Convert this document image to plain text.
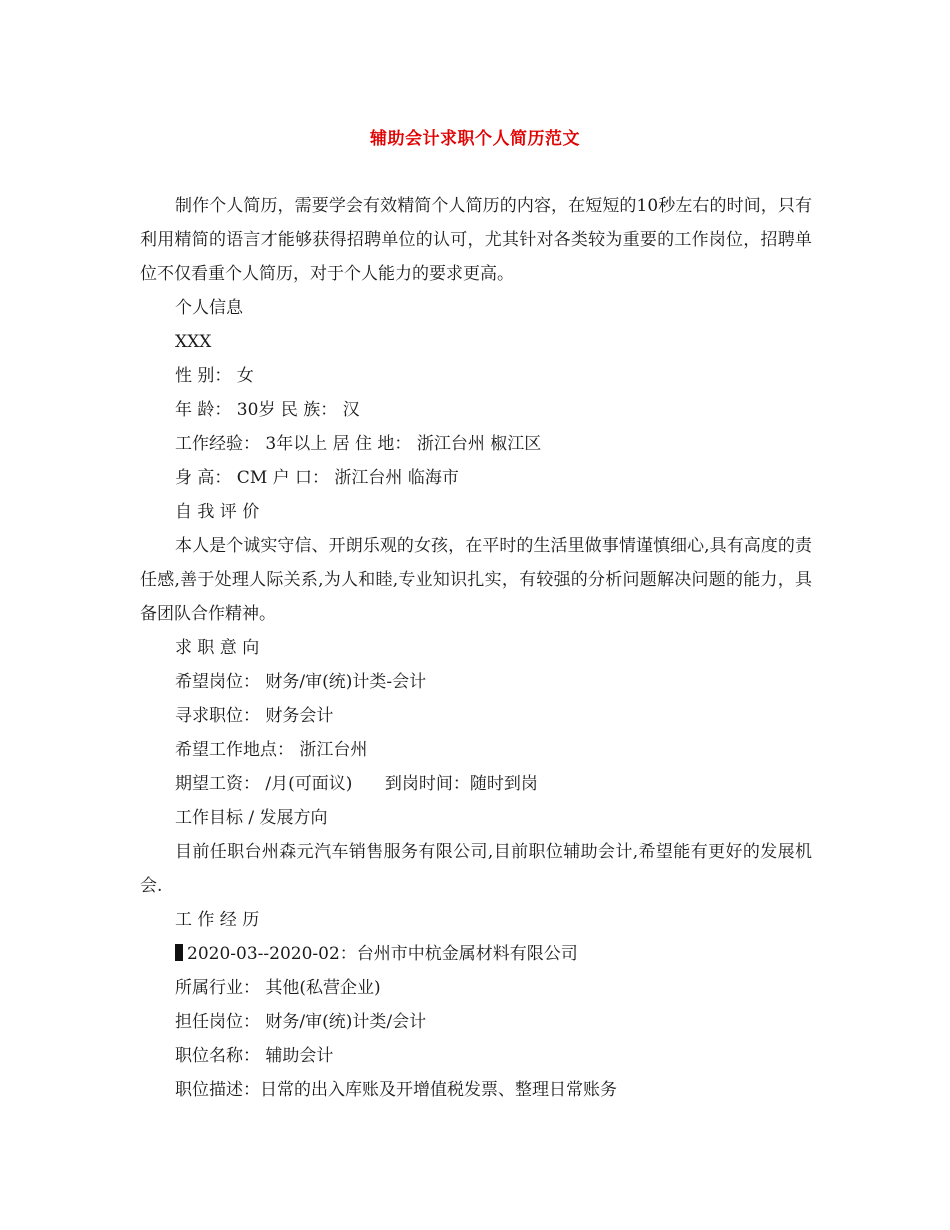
辅助会计求职个人简历范文

制作个人简历，需要学会有效精简个人简历的内容，在短短的10秒左右的时间，只有利用精简的语言才能够获得招聘单位的认可，尤其针对各类较为重要的工作岗位，招聘单位不仅看重个人简历，对于个人能力的要求更高。

个人信息

XXX

性 别： 女

年 龄： 30岁 民 族： 汉

工作经验： 3年以上 居 住 地： 浙江台州 椒江区

身 高： CM 户 口： 浙江台州 临海市

自 我 评 价

本人是个诚实守信、开朗乐观的女孩，在平时的生活里做事情谨慎细心,具有高度的责任感,善于处理人际关系,为人和睦,专业知识扎实，有较强的分析问题解决问题的能力，具备团队合作精神。

求 职 意 向

希望岗位： 财务/审(统)计类-会计

寻求职位： 财务会计

希望工作地点： 浙江台州

期望工资： /月(可面议)      到岗时间：随时到岗

工作目标 / 发展方向

目前任职台州森元汽车销售服务有限公司,目前职位辅助会计,希望能有更好的发展机会.

工 作 经 历

2020-03--2020-02：台州市中杭金属材料有限公司

所属行业： 其他(私营企业)

担任岗位： 财务/审(统)计类/会计

职位名称： 辅助会计

职位描述：日常的出入库账及开增值税发票、整理日常账务
